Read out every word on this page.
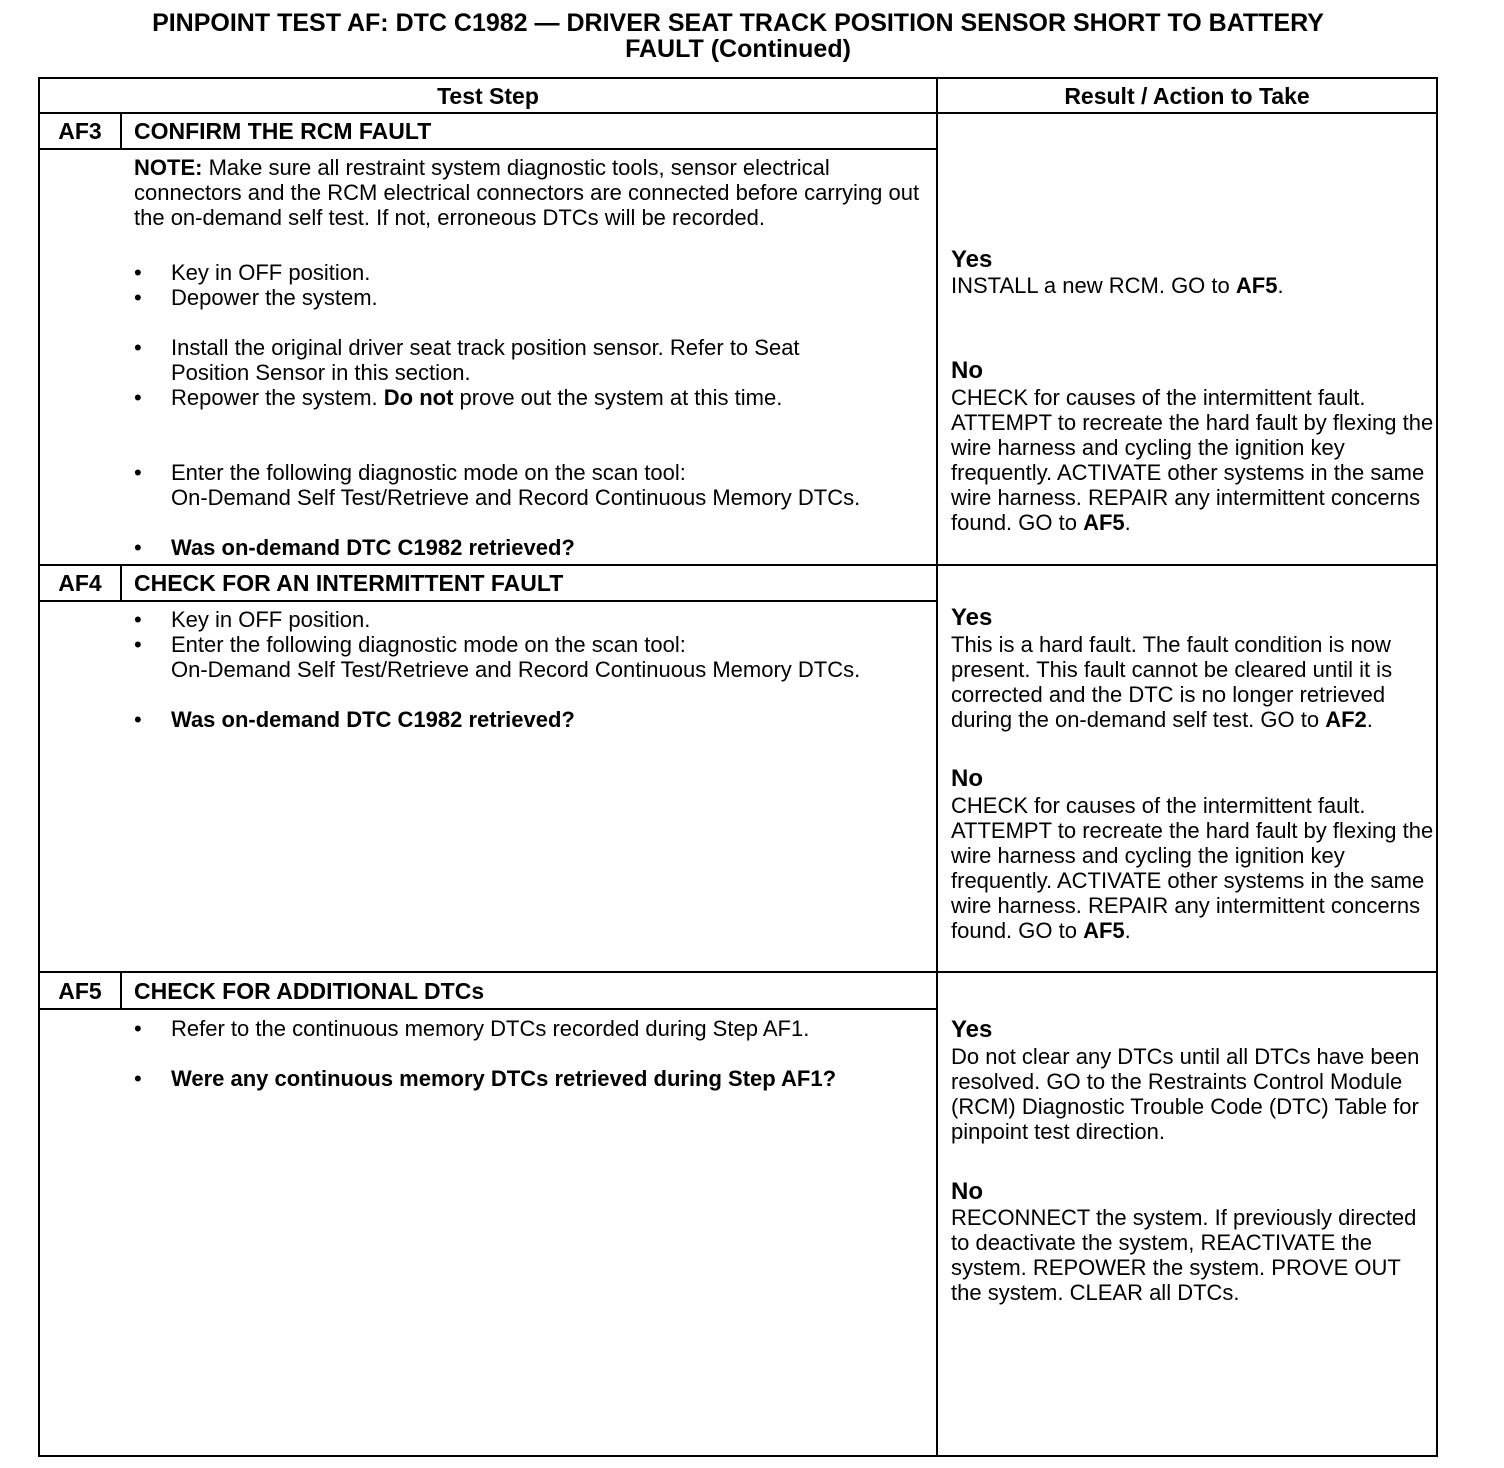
PINPOINT TEST AF: DTC C1982 — DRIVER SEAT TRACK POSITION SENSOR SHORT TO BATTERY
FAULT (Continued)
Test Step	Result / Action to Take
AF3	CONFIRM THE RCM FAULT
NOTE: Make sure all restraint system diagnostic tools, sensor electrical connectors and the RCM electrical connectors are connected before carrying out the on-demand self test. If not, erroneous DTCs will be recorded.
• Key in OFF position.
• Depower the system.
• Install the original driver seat track position sensor. Refer to Seat Position Sensor in this section.
• Repower the system. Do not prove out the system at this time.
• Enter the following diagnostic mode on the scan tool:
On-Demand Self Test/Retrieve and Record Continuous Memory DTCs.
• Was on-demand DTC C1982 retrieved?
Yes
INSTALL a new RCM. GO to AF5.
No
CHECK for causes of the intermittent fault. ATTEMPT to recreate the hard fault by flexing the wire harness and cycling the ignition key frequently. ACTIVATE other systems in the same wire harness. REPAIR any intermittent concerns found. GO to AF5.
AF4	CHECK FOR AN INTERMITTENT FAULT
• Key in OFF position.
• Enter the following diagnostic mode on the scan tool:
On-Demand Self Test/Retrieve and Record Continuous Memory DTCs.
• Was on-demand DTC C1982 retrieved?
Yes
This is a hard fault. The fault condition is now present. This fault cannot be cleared until it is corrected and the DTC is no longer retrieved during the on-demand self test. GO to AF2.
No
CHECK for causes of the intermittent fault. ATTEMPT to recreate the hard fault by flexing the wire harness and cycling the ignition key frequently. ACTIVATE other systems in the same wire harness. REPAIR any intermittent concerns found. GO to AF5.
AF5	CHECK FOR ADDITIONAL DTCs
• Refer to the continuous memory DTCs recorded during Step AF1.
• Were any continuous memory DTCs retrieved during Step AF1?
Yes
Do not clear any DTCs until all DTCs have been resolved. GO to the Restraints Control Module (RCM) Diagnostic Trouble Code (DTC) Table for pinpoint test direction.
No
RECONNECT the system. If previously directed to deactivate the system, REACTIVATE the system. REPOWER the system. PROVE OUT the system. CLEAR all DTCs.
